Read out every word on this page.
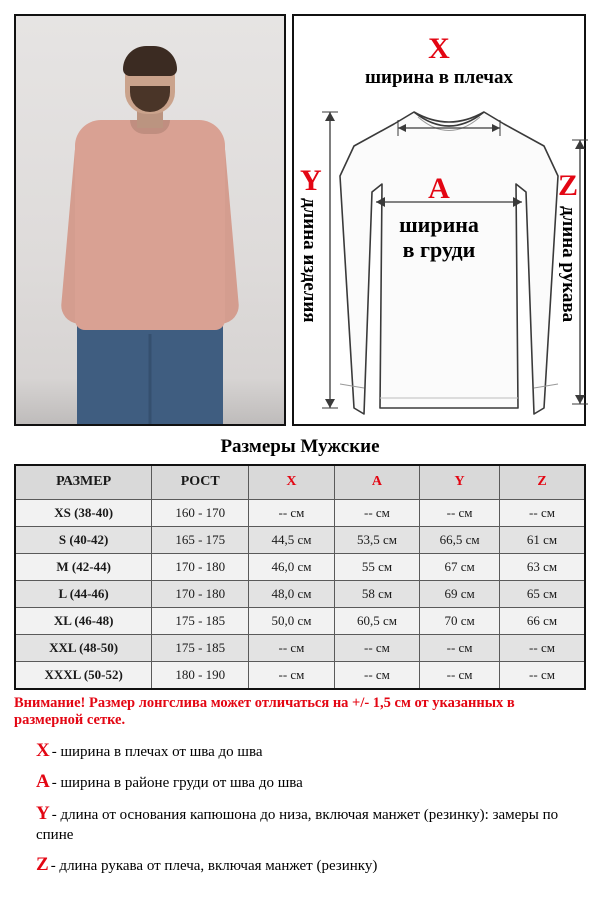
X
ширина в плечах
A
ширина
в груди
Y
длина изделия
Z
длина рукава
Размеры Мужские
РАЗМЕР	РОСТ	X	A	Y	Z
XS (38-40)	160 - 170	-- см	-- см	-- см	-- см
S (40-42)	165 - 175	44,5 см	53,5 см	66,5 см	61 см
M (42-44)	170 - 180	46,0 см	55 см	67 см	63 см
L (44-46)	170 - 180	48,0 см	58 см	69 см	65 см
XL (46-48)	175 - 185	50,0 см	60,5 см	70 см	66 см
XXL (48-50)	175 - 185	-- см	-- см	-- см	-- см
XXXL (50-52)	180 - 190	-- см	-- см	-- см	-- см
Внимание! Размер лонгслива может отличаться на +/- 1,5 см от указанных в размерной сетке.
X - ширина в плечах от шва до шва
A - ширина в районе груди от шва до шва
Y - длина от основания капюшона до низа, включая манжет (резинку): замеры по спине
Z - длина рукава от плеча, включая манжет (резинку)
